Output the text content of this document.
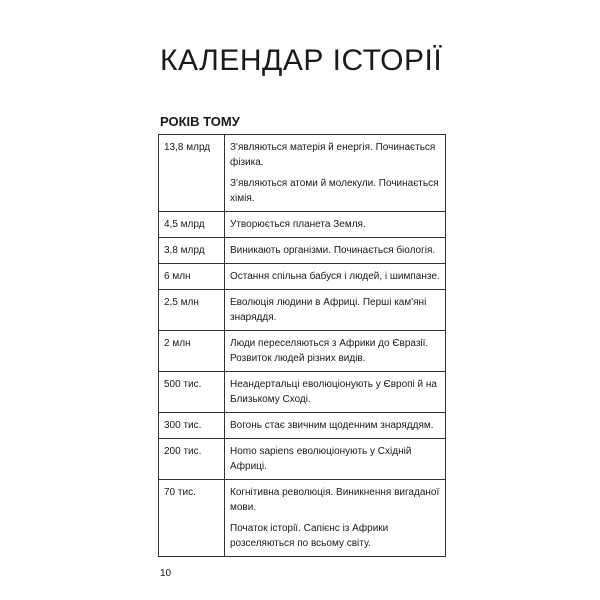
КАЛЕНДАР ІСТОРІЇ
РОКІВ ТОМУ
13,8 млрд	З'являються матерія й енергія. Починається фізика.
З'являються атоми й молекули. Починається хімія.

4,5 млрд	Утворюється планета Земля.

3,8 млрд	Виникають організми. Починається біологія.

6 млн	Остання спільна бабуся і людей, і шимпанзе.

2,5 млн	Еволюція людини в Африці. Перші кам'яні знаряддя.

2 млн	Люди переселяються з Африки до Євразії. Розвиток людей різних видів.

500 тис.	Неандертальці еволюціонують у Європі й на Близькому Сході.

300 тис.	Вогонь стає звичним щоденним знаряддям.

200 тис.	Homo sapiens еволюціонують у Східній Африці.

70 тис.	Когнітивна революція. Виникнення вигаданої мови.
Початок історії. Сапієнс із Африки розселяються по всьому світу.
10
